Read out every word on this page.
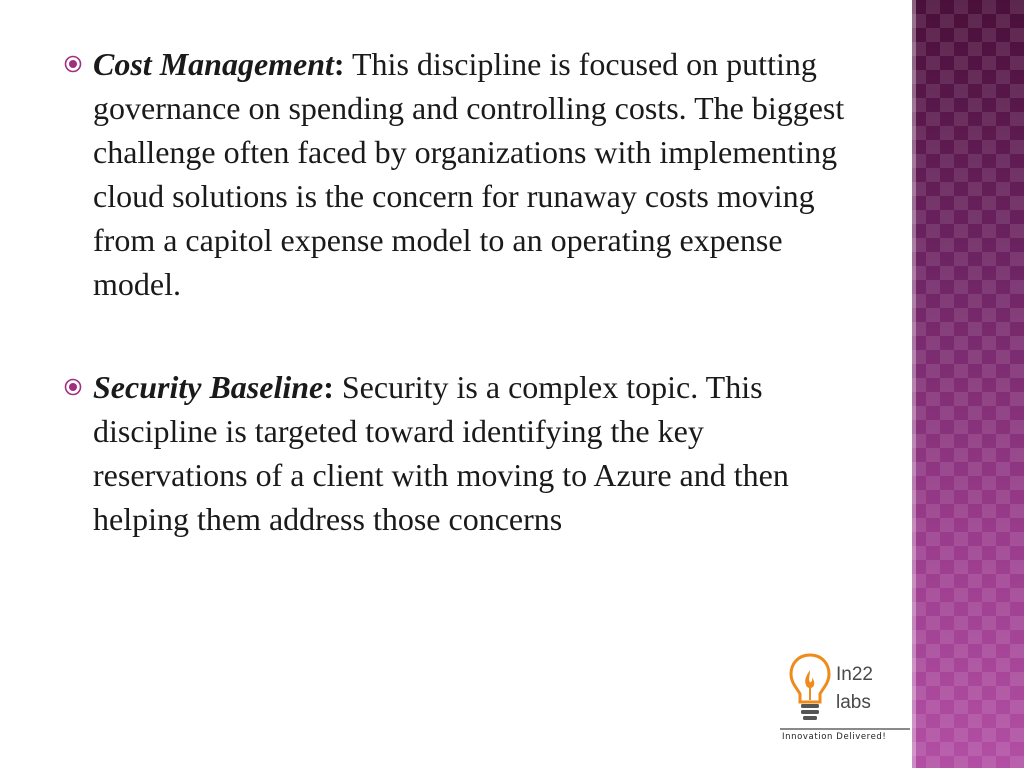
Cost Management: This discipline is focused on putting governance on spending and controlling costs. The biggest challenge often faced by organizations with implementing cloud solutions is the concern for runaway costs moving from a capitol expense model to an operating expense model.
Security Baseline: Security is a complex topic. This discipline is targeted toward identifying the key reservations of a client with moving to Azure and then helping them address those concerns
In22
labs
Innovation Delivered!
